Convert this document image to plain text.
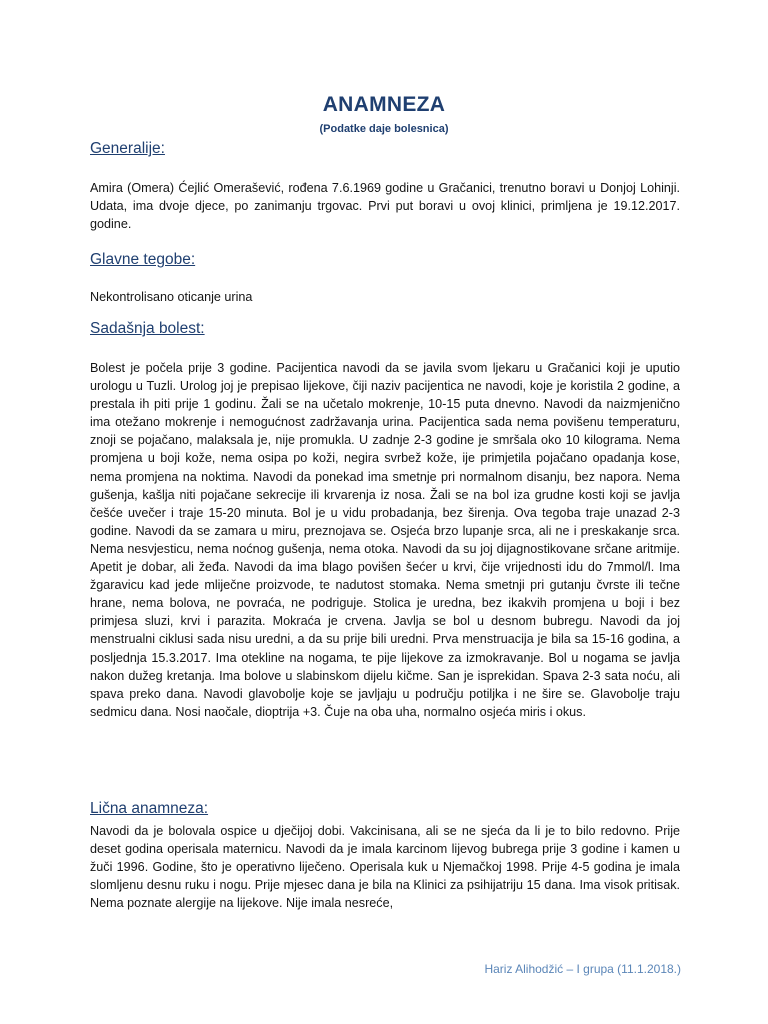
ANAMNEZA
(Podatke daje bolesnica)
Generalije:
Amira (Omera) Ćejlić Omerašević, rođena 7.6.1969 godine u Gračanici, trenutno boravi u Donjoj Lohinji. Udata, ima dvoje djece, po zanimanju trgovac. Prvi put boravi u ovoj klinici, primljena je 19.12.2017. godine.
Glavne tegobe:
Nekontrolisano oticanje urina
Sadašnja bolest:
Bolest je počela prije 3 godine. Pacijentica navodi da se javila svom ljekaru u Gračanici koji je uputio urologu u Tuzli. Urolog joj je prepisao lijekove, čiji naziv pacijentica ne navodi, koje je koristila 2 godine, a prestala ih piti prije 1 godinu. Žali se na učetalo mokrenje, 10-15 puta dnevno. Navodi da naizmjenično ima otežano mokrenje i nemogućnost zadržavanja urina. Pacijentica sada nema povišenu temperaturu, znoji se pojačano, malaksala je, nije promukla. U zadnje 2-3 godine je smršala oko 10 kilograma. Nema promjena u boji kože, nema osipa po koži, negira svrbež kože, ije primjetila pojačano opadanja kose, nema promjena na noktima. Navodi da ponekad ima smetnje pri normalnom disanju, bez napora. Nema gušenja, kašlja niti pojačane sekrecije ili krvarenja iz nosa. Žali se na bol iza grudne kosti koji se javlja češće uvečer i traje 15-20 minuta. Bol je u vidu probadanja, bez širenja. Ova tegoba traje unazad 2-3 godine. Navodi da se zamara u miru, preznojava se. Osjeća brzo lupanje srca, ali ne i preskakanje srca. Nema nesvjesticu, nema noćnog gušenja, nema otoka. Navodi da su joj dijagnostikovane srčane aritmije. Apetit je dobar, ali žeđa. Navodi da ima blago povišen šećer u krvi, čije vrijednosti idu do 7mmol/l. Ima žgaravicu kad jede mliječne proizvode, te nadutost stomaka. Nema smetnji pri gutanju čvrste ili tečne hrane, nema bolova, ne povraća, ne podriguje. Stolica je uredna, bez ikakvih promjena u boji i bez primjesa sluzi, krvi i parazita. Mokraća je crvena. Javlja se bol u desnom bubregu. Navodi da joj menstrualni ciklusi sada nisu uredni, a da su prije bili uredni. Prva menstruacija je bila sa 15-16 godina, a posljednja 15.3.2017. Ima otekline na nogama, te pije lijekove za izmokravanje. Bol u nogama se javlja nakon dužeg kretanja. Ima bolove u slabinskom dijelu kičme. San je isprekidan. Spava 2-3 sata noću, ali spava preko dana. Navodi glavobolje koje se javljaju u području potiljka i ne šire se. Glavobolje traju sedmicu dana. Nosi naočale, dioptrija +3. Čuje na oba uha, normalno osjeća miris i okus.
Lična anamneza:
Navodi da je bolovala ospice u dječijoj dobi. Vakcinisana, ali se ne sjeća da li je to bilo redovno. Prije deset godina operisala maternicu. Navodi da je imala karcinom lijevog bubrega prije 3 godine i kamen u žuči 1996. Godine, što je operativno liječeno. Operisala kuk u Njemačkoj 1998. Prije 4-5 godina je imala slomljenu desnu ruku i nogu. Prije mjesec dana je bila na Klinici za psihijatriju 15 dana. Ima visok pritisak. Nema poznate alergije na lijekove. Nije imala nesreće,
Hariz Alihodžić – I grupa (11.1.2018.)
